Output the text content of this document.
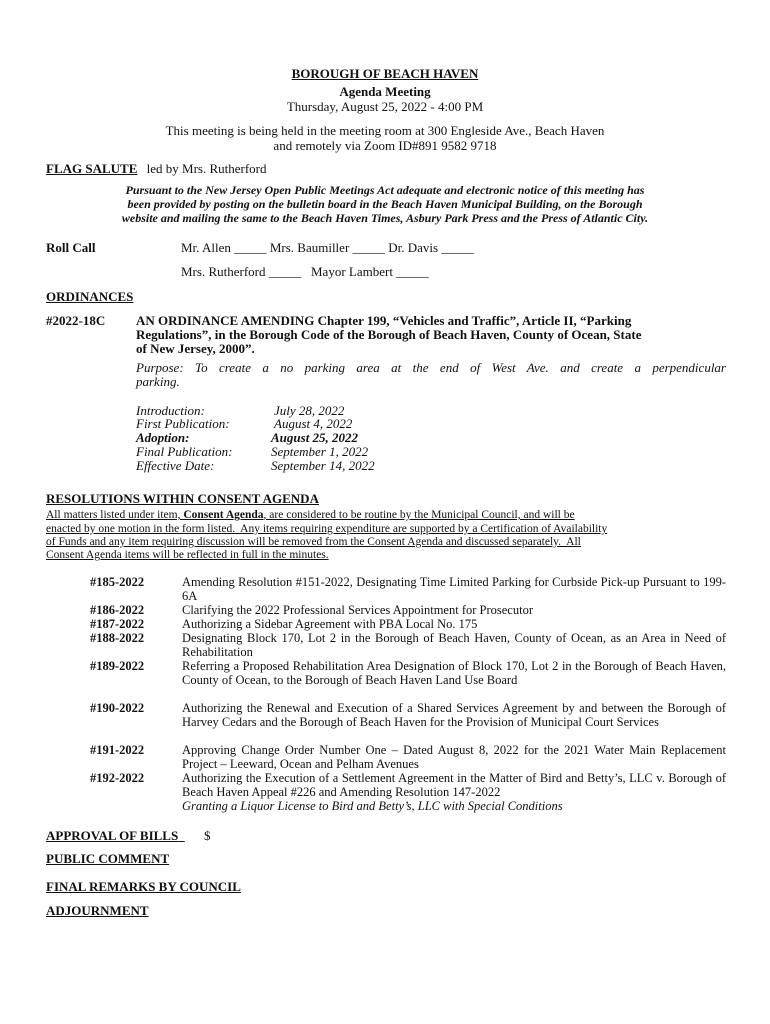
BOROUGH OF BEACH HAVEN
Agenda Meeting
Thursday, August 25, 2022 - 4:00 PM
This meeting is being held in the meeting room at 300 Engleside Ave., Beach Haven
and remotely via Zoom ID#891 9582 9718
FLAG SALUTE led by Mrs. Rutherford
Pursuant to the New Jersey Open Public Meetings Act adequate and electronic notice of this meeting has
been provided by posting on the bulletin board in the Beach Haven Municipal Building, on the Borough
website and mailing the same to the Beach Haven Times, Asbury Park Press and the Press of Atlantic City.
Roll Call	Mr. Allen _____ Mrs. Baumiller _____ Dr. Davis _____
Mrs. Rutherford _____   Mayor Lambert _____
ORDINANCES
#2022-18C AN ORDINANCE AMENDING Chapter 199, “Vehicles and Traffic”, Article II, “Parking
Regulations”, in the Borough Code of the Borough of Beach Haven, County of Ocean, State
of New Jersey, 2000”.
Purpose: To create a no parking area at the end of West Ave. and create a perpendicular
parking.
Introduction:	July 28, 2022
First Publication:	August 4, 2022
Adoption:	August 25, 2022
Final Publication:	September 1, 2022
Effective Date:	September 14, 2022
RESOLUTIONS WITHIN CONSENT AGENDA
All matters listed under item, Consent Agenda, are considered to be routine by the Municipal Council, and will be
enacted by one motion in the form listed.  Any items requiring expenditure are supported by a Certification of Availability
of Funds and any item requiring discussion will be removed from the Consent Agenda and discussed separately.  All
Consent Agenda items will be reflected in full in the minutes.
#185-2022	Amending Resolution #151-2022, Designating Time Limited Parking for Curbside Pick-up Pursuant to 199-6A
#186-2022	Clarifying the 2022 Professional Services Appointment for Prosecutor
#187-2022	Authorizing a Sidebar Agreement with PBA Local No. 175
#188-2022	Designating Block 170, Lot 2 in the Borough of Beach Haven, County of Ocean, as an Area in Need of Rehabilitation
#189-2022	Referring a Proposed Rehabilitation Area Designation of Block 170, Lot 2 in the Borough of Beach Haven, County of Ocean, to the Borough of Beach Haven Land Use Board
#190-2022	Authorizing the Renewal and Execution of a Shared Services Agreement by and between the Borough of Harvey Cedars and the Borough of Beach Haven for the Provision of Municipal Court Services
#191-2022	Approving Change Order Number One – Dated August 8, 2022 for the 2021 Water Main Replacement Project – Leeward, Ocean and Pelham Avenues
#192-2022	Authorizing the Execution of a Settlement Agreement in the Matter of Bird and Betty’s, LLC v. Borough of Beach Haven Appeal #226 and Amending Resolution 147-2022
Granting a Liquor License to Bird and Betty’s, LLC with Special Conditions
APPROVAL OF BILLS $
PUBLIC COMMENT
FINAL REMARKS BY COUNCIL
ADJOURNMENT
